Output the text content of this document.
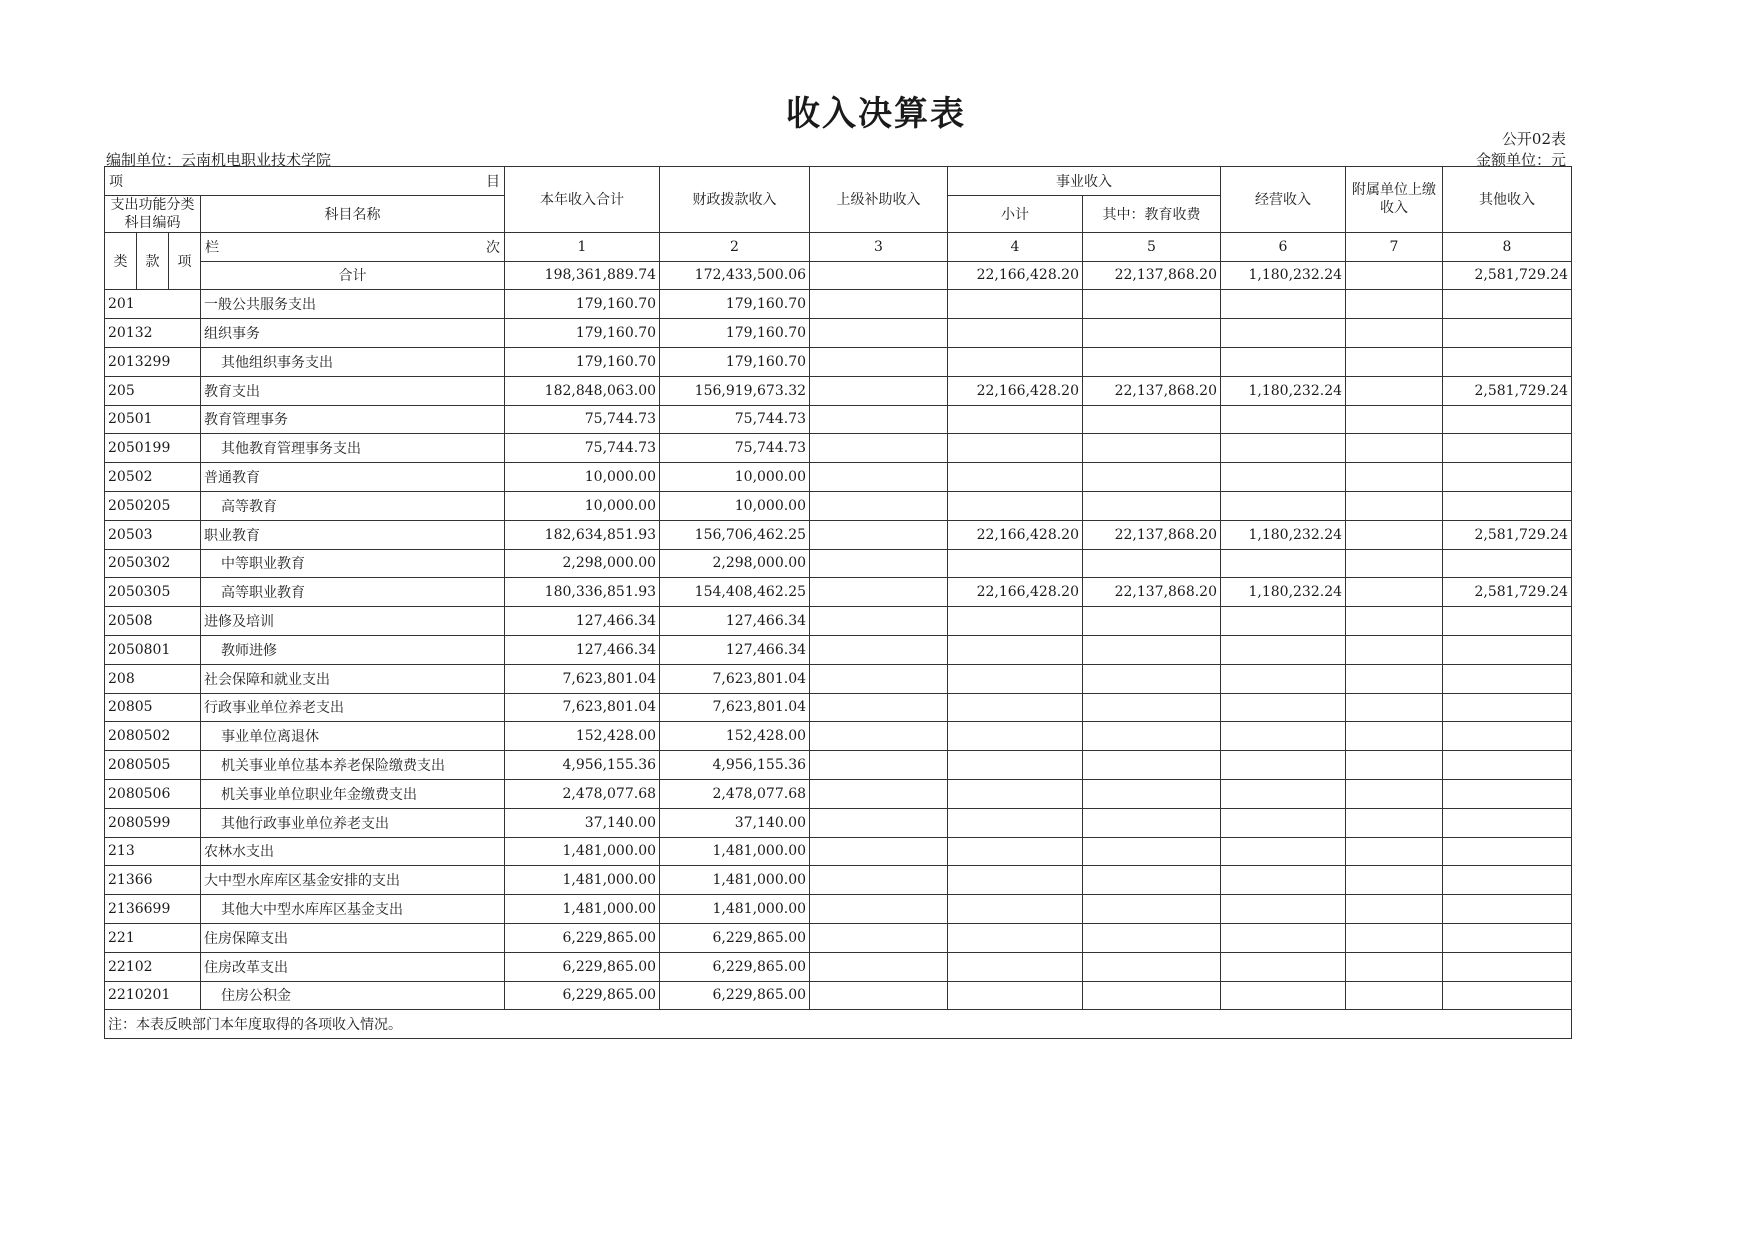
收入决算表
公开02表
编制单位：云南机电职业技术学院	金额单位：元
项 目				本年收入合计	财政拨款收入	上级补助收入	事业收入		经营收入	附属单位上缴收入	其他收入
支出功能分类科目编码			科目名称				小计	其中：教育收费			
类	款	项	栏 次	1	2	3	4	5	6	7	8
			合计	198,361,889.74	172,433,500.06		22,166,428.20	22,137,868.20	1,180,232.24		2,581,729.24
201			一般公共服务支出	179,160.70	179,160.70						
20132			组织事务	179,160.70	179,160.70						
2013299			其他组织事务支出	179,160.70	179,160.70						
205			教育支出	182,848,063.00	156,919,673.32		22,166,428.20	22,137,868.20	1,180,232.24		2,581,729.24
20501			教育管理事务	75,744.73	75,744.73						
2050199			其他教育管理事务支出	75,744.73	75,744.73						
20502			普通教育	10,000.00	10,000.00						
2050205			高等教育	10,000.00	10,000.00						
20503			职业教育	182,634,851.93	156,706,462.25		22,166,428.20	22,137,868.20	1,180,232.24		2,581,729.24
2050302			中等职业教育	2,298,000.00	2,298,000.00						
2050305			高等职业教育	180,336,851.93	154,408,462.25		22,166,428.20	22,137,868.20	1,180,232.24		2,581,729.24
20508			进修及培训	127,466.34	127,466.34						
2050801			教师进修	127,466.34	127,466.34						
208			社会保障和就业支出	7,623,801.04	7,623,801.04						
20805			行政事业单位养老支出	7,623,801.04	7,623,801.04						
2080502			事业单位离退休	152,428.00	152,428.00						
2080505			机关事业单位基本养老保险缴费支出	4,956,155.36	4,956,155.36						
2080506			机关事业单位职业年金缴费支出	2,478,077.68	2,478,077.68						
2080599			其他行政事业单位养老支出	37,140.00	37,140.00						
213			农林水支出	1,481,000.00	1,481,000.00						
21366			大中型水库库区基金安排的支出	1,481,000.00	1,481,000.00						
2136699			其他大中型水库库区基金支出	1,481,000.00	1,481,000.00						
221			住房保障支出	6,229,865.00	6,229,865.00						
22102			住房改革支出	6,229,865.00	6,229,865.00						
2210201			住房公积金	6,229,865.00	6,229,865.00						
注：本表反映部门本年度取得的各项收入情况。											
